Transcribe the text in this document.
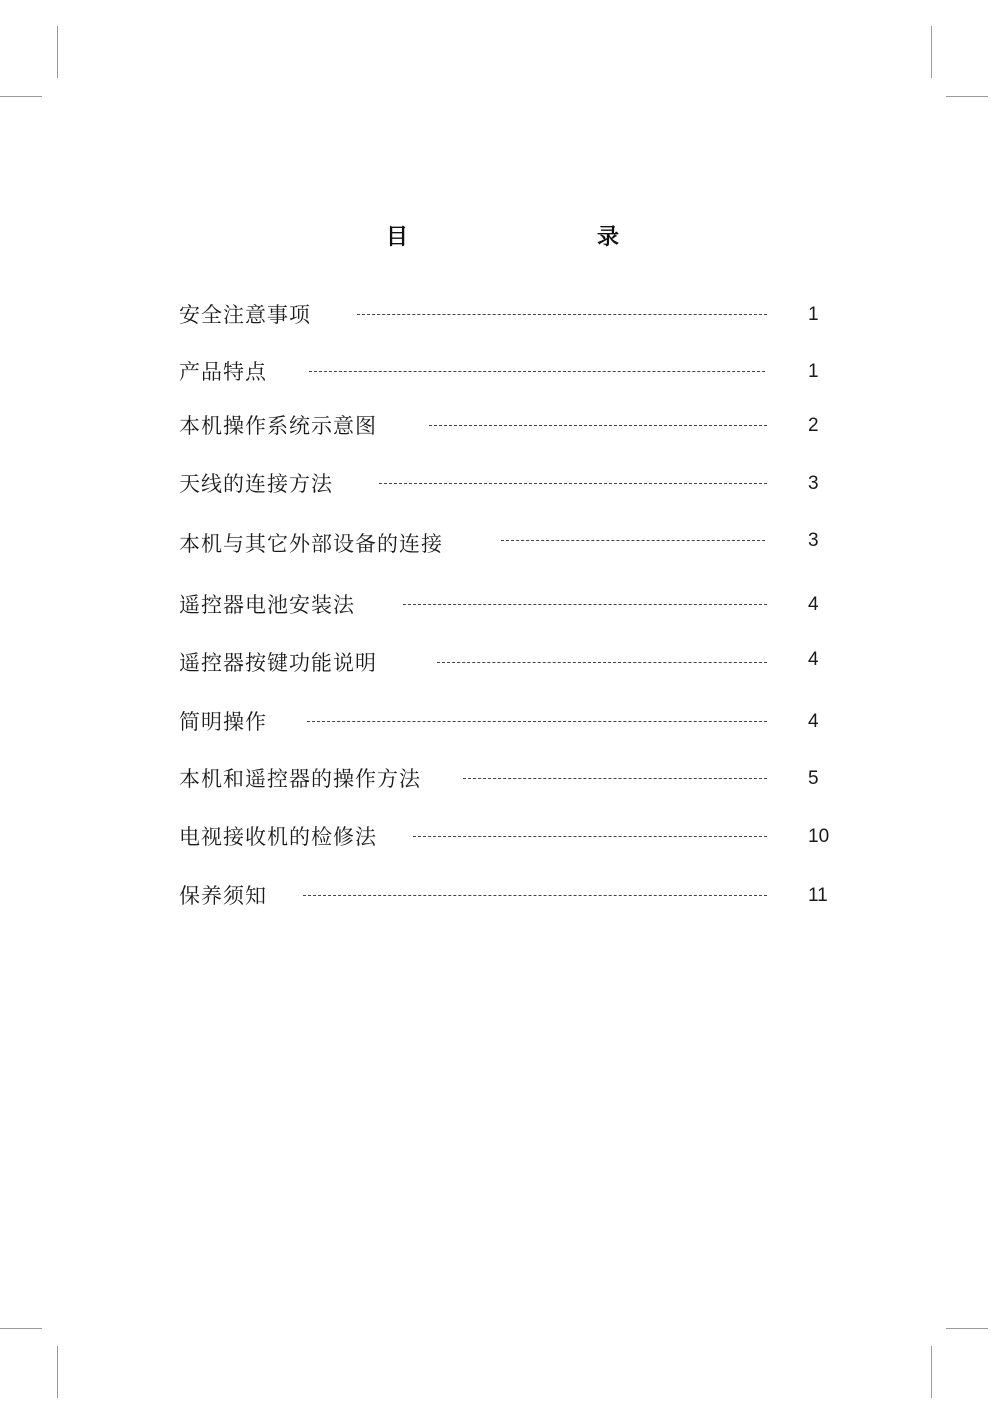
目	录
安全注意事项	1
产品特点	1
本机操作系统示意图	2
天线的连接方法	3
本机与其它外部设备的连接	3
遥控器电池安装法	4
遥控器按键功能说明	4
简明操作	4
本机和遥控器的操作方法	5
电视接收机的检修法	10
保养须知	11
